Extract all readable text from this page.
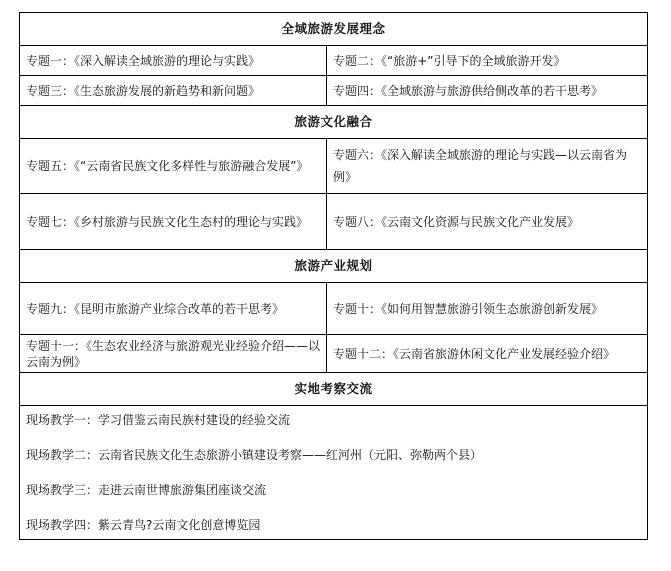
全域旅游发展理念	
专题一：《深入解读全域旅游的理论与实践》	专题二：《“旅游+”引导下的全域旅游开发》
专题三：《生态旅游发展的新趋势和新问题》	专题四：《全域旅游与旅游供给侧改革的若干思考》
旅游文化融合	
专题五：《“云南省民族文化多样性与旅游融合发展”》	专题六：《深入解读全域旅游的理论与实践—以云南省为例》
专题七：《乡村旅游与民族文化生态村的理论与实践》	专题八：《云南文化资源与民族文化产业发展》
旅游产业规划	
专题九：《昆明市旅游产业综合改革的若干思考》	专题十：《如何用智慧旅游引领生态旅游创新发展》
专题十一：《生态农业经济与旅游观光业经验介绍——以云南为例》	专题十二：《云南省旅游休闲文化产业发展经验介绍》
实地考察交流	

现场教学一：学习借鉴云南民族村建设的经验交流
现场教学二：云南省民族文化生态旅游小镇建设考察——红河州（元阳、弥勒两个县）
现场教学三：走进云南世博旅游集团座谈交流
现场教学四：紫云青鸟?云南文化创意博览园	
